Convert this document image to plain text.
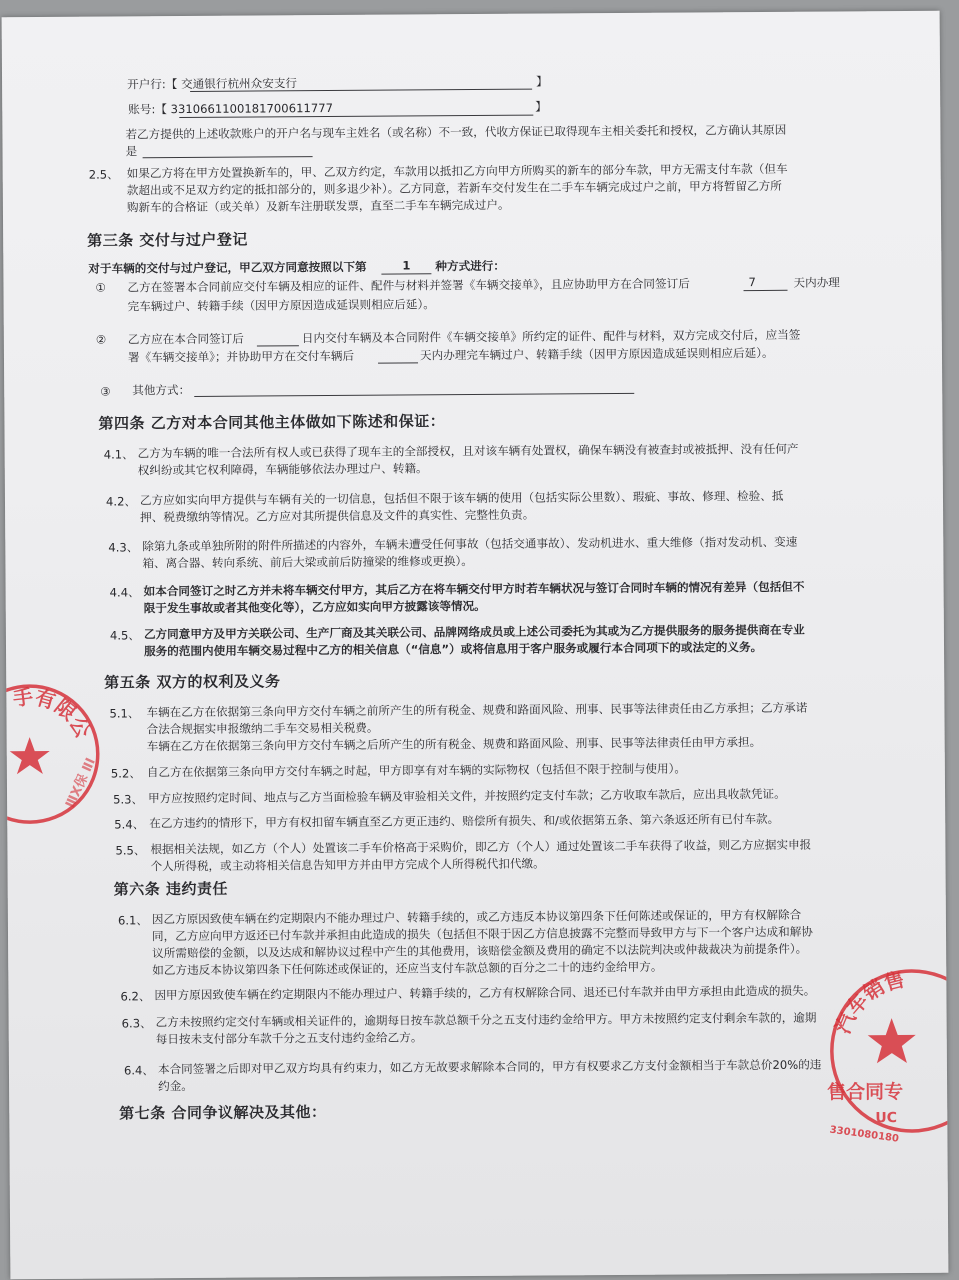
开户行:【 交通银行杭州众安支行	】
账号:【 3310661100181700611777	】
若乙方提供的上述收款账户的开户名与现车主姓名（或名称）不一致，代收方保证已取得现车主相关委托和授权，乙方确认其原因
是
2.5、 如果乙方将在甲方处置换新车的，甲、乙双方约定，车款用以抵扣乙方向甲方所购买的新车的部分车款，甲方无需支付车款（但车
款超出或不足双方约定的抵扣部分的，则多退少补）。乙方同意，若新车交付发生在二手车车辆完成过户之前，甲方将暂留乙方所
购新车的合格证（或关单）及新车注册联发票，直至二手车车辆完成过户。
第三条 交付与过户登记
对于车辆的交付与过户登记，甲乙双方同意按照以下第	1 种方式进行：
① 乙方在签署本合同前应交付车辆及相应的证件、配件与材料并签署《车辆交接单》，且应协助甲方在合同签订后	7	天内办理
完车辆过户、转籍手续（因甲方原因造成延误则相应后延）。
② 乙方应在本合同签订后	日内交付车辆及本合同附件《车辆交接单》所约定的证件、配件与材料，双方完成交付后，应当签
署《车辆交接单》；并协助甲方在交付车辆后	天内办理完车辆过户、转籍手续（因甲方原因造成延误则相应后延）。
③ 其他方式：
第四条 乙方对本合同其他主体做如下陈述和保证：
4.1、 乙方为车辆的唯一合法所有权人或已获得了现车主的全部授权，且对该车辆有处置权，确保车辆没有被查封或被抵押、没有任何产
权纠纷或其它权利障碍，车辆能够依法办理过户、转籍。
4.2、 乙方应如实向甲方提供与车辆有关的一切信息，包括但不限于该车辆的使用（包括实际公里数）、瑕疵、事故、修理、检验、抵
押、税费缴纳等情况。乙方应对其所提供信息及文件的真实性、完整性负责。
4.3、 除第九条或单独所附的附件所描述的内容外，车辆未遭受任何事故（包括交通事故）、发动机进水、重大维修（指对发动机、变速
箱、离合器、转向系统、前后大梁或前后防撞梁的维修或更换）。
4.4、 如本合同签订之时乙方并未将车辆交付甲方，其后乙方在将车辆交付甲方时若车辆状况与签订合同时车辆的情况有差异（包括但不
限于发生事故或者其他变化等），乙方应如实向甲方披露该等情况。
4.5、 乙方同意甲方及甲方关联公司、生产厂商及其关联公司、品牌网络成员或上述公司委托为其或为乙方提供服务的服务提供商在专业
服务的范围内使用车辆交易过程中乙方的相关信息（“信息”）或将信息用于客户服务或履行本合同项下的或法定的义务。
第五条 双方的权利及义务
5.1、 车辆在乙方在依据第三条向甲方交付车辆之前所产生的所有税金、规费和路面风险、刑事、民事等法律责任由乙方承担；乙方承诺
合法合规据实申报缴纳二手车交易相关税费。
车辆在乙方在依据第三条向甲方交付车辆之后所产生的所有税金、规费和路面风险、刑事、民事等法律责任由甲方承担。
5.2、 自乙方在依据第三条向甲方交付车辆之时起，甲方即享有对车辆的实际物权（包括但不限于控制与使用）。
5.3、 甲方应按照约定时间、地点与乙方当面检验车辆及审验相关文件，并按照约定支付车款；乙方收取车款后，应出具收款凭证。
5.4、 在乙方违约的情形下，甲方有权扣留车辆直至乙方更正违约、赔偿所有损失、和/或依据第五条、第六条返还所有已付车款。
5.5、 根据相关法规，如乙方（个人）处置该二手车价格高于采购价，即乙方（个人）通过处置该二手车获得了收益，则乙方应据实申报
个人所得税，或主动将相关信息告知甲方并由甲方完成个人所得税代扣代缴。
第六条 违约责任
6.1、 因乙方原因致使车辆在约定期限内不能办理过户、转籍手续的，或乙方违反本协议第四条下任何陈述或保证的，甲方有权解除合
同，乙方应向甲方返还已付车款并承担由此造成的损失（包括但不限于因乙方信息披露不完整而导致甲方与下一个客户达成和解协
议所需赔偿的金额，以及达成和解协议过程中产生的其他费用，该赔偿金额及费用的确定不以法院判决或仲裁裁决为前提条件）。
如乙方违反本协议第四条下任何陈述或保证的，还应当支付车款总额的百分之二十的违约金给甲方。
6.2、 因甲方原因致使车辆在约定期限内不能办理过户、转籍手续的，乙方有权解除合同、退还已付车款并由甲方承担由此造成的损失。
6.3、 乙方未按照约定交付车辆或相关证件的，逾期每日按车款总额千分之五支付违约金给甲方。甲方未按照约定支付剩余车款的，逾期
每日按未支付部分车款千分之五支付违约金给乙方。
6.4、 本合同签署之后即对甲乙双方均具有约束力，如乙方无故要求解除本合同的，甲方有权要求乙方支付金额相当于车款总价20%的违
约金。
第七条 合同争议解决及其他：
手有限公
ⅢⅩ保 ⅡⅠ
汽车销售
售合同专
UC
3301080180
